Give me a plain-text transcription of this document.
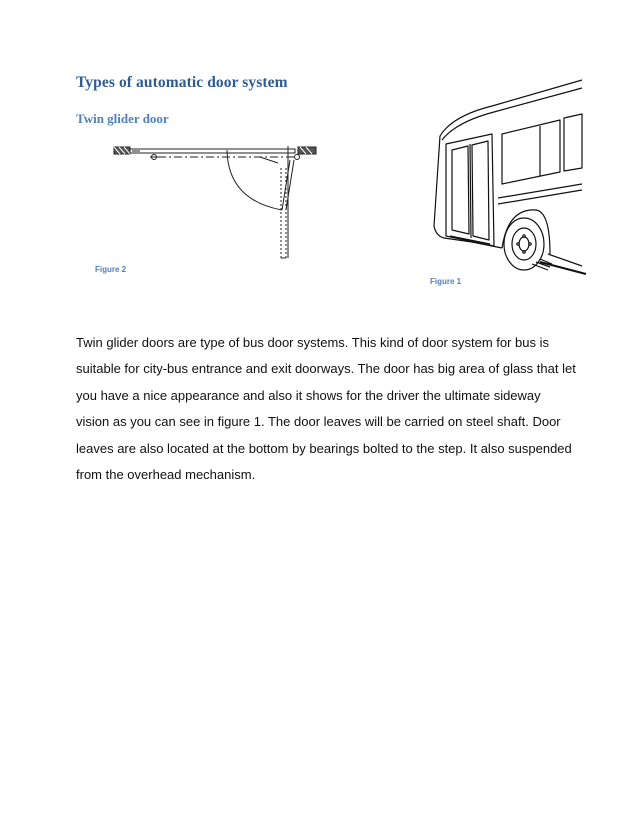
Types of automatic door system
Twin glider door
Figure 2
Figure 1

Twin glider doors are type of bus door systems. This kind of door system for bus is suitable for city-bus entrance and exit doorways. The door has big area of glass that let you have a nice appearance and also it shows for the driver the ultimate sideway vision as you can see in figure 1. The door leaves will be carried on steel shaft. Door leaves are also located at the bottom by bearings bolted to the step. It also suspended from the overhead mechanism.
